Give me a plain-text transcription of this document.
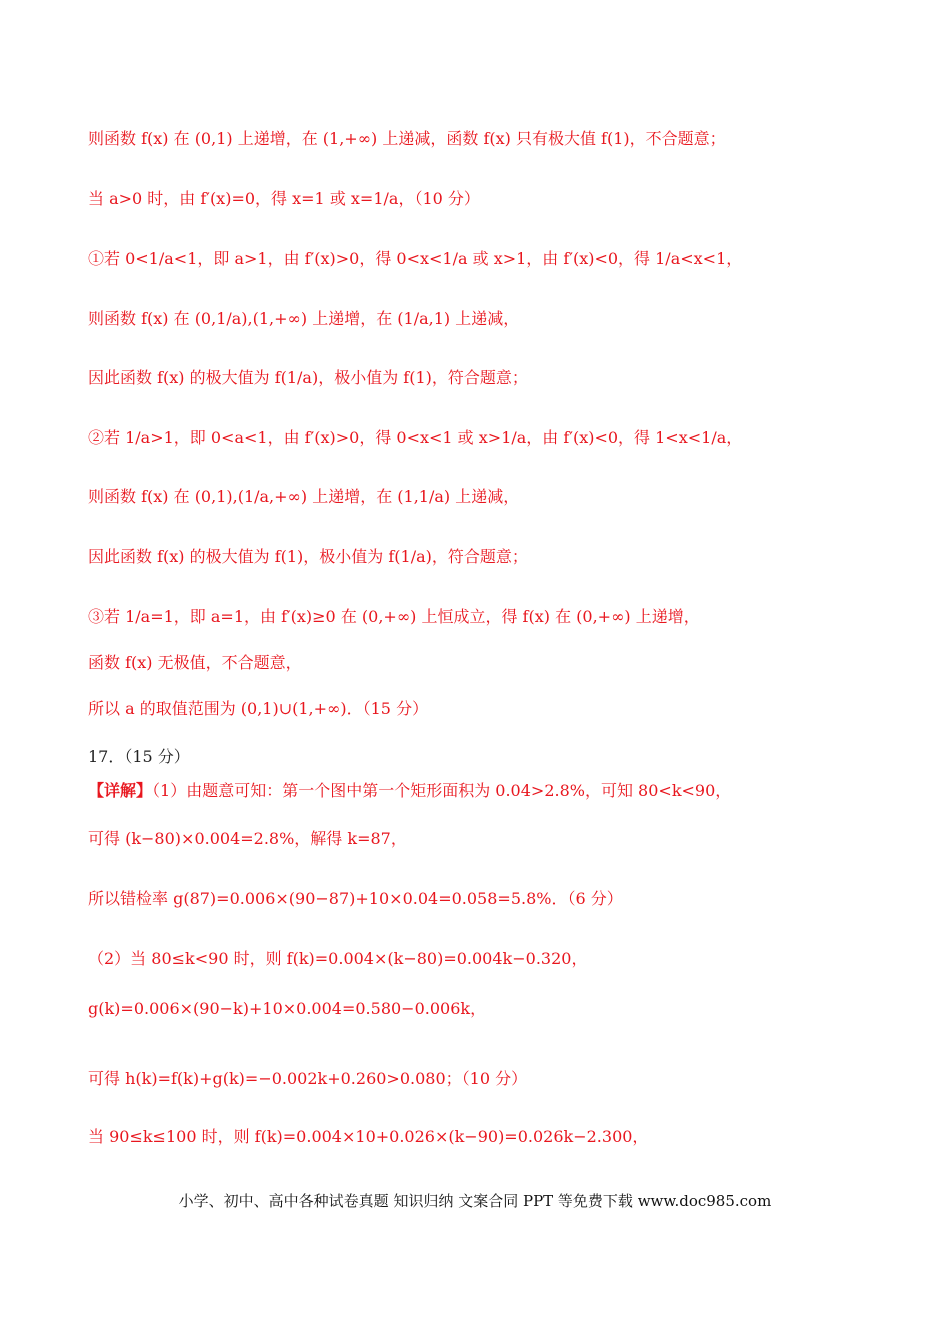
则函数 f(x) 在 (0,1) 上递增，在 (1,+∞) 上递减，函数 f(x) 只有极大值 f(1)，不合题意；
当 a>0 时，由 f′(x)=0，得 x=1 或 x=1/a，（10 分）
①若 0<1/a<1，即 a>1，由 f′(x)>0，得 0<x<1/a 或 x>1，由 f′(x)<0，得 1/a<x<1，
则函数 f(x) 在 (0,1/a),(1,+∞) 上递增，在 (1/a,1) 上递减，
因此函数 f(x) 的极大值为 f(1/a)，极小值为 f(1)，符合题意；
②若 1/a>1，即 0<a<1，由 f′(x)>0，得 0<x<1 或 x>1/a，由 f′(x)<0，得 1<x<1/a，
则函数 f(x) 在 (0,1),(1/a,+∞) 上递增，在 (1,1/a) 上递减，
因此函数 f(x) 的极大值为 f(1)，极小值为 f(1/a)，符合题意；
③若 1/a=1，即 a=1，由 f′(x)≥0 在 (0,+∞) 上恒成立，得 f(x) 在 (0,+∞) 上递增，
函数 f(x) 无极值，不合题意，
所以 a 的取值范围为 (0,1)∪(1,+∞)．（15 分）
17．（15 分）
【详解】（1）由题意可知：第一个图中第一个矩形面积为 0.04>2.8%，可知 80<k<90，
可得 (k−80)×0.004=2.8%，解得 k=87，
所以错检率 g(87)=0.006×(90−87)+10×0.04=0.058=5.8%．（6 分）
（2）当 80≤k<90 时，则 f(k)=0.004×(k−80)=0.004k−0.320，
g(k)=0.006×(90−k)+10×0.004=0.580−0.006k，
可得 h(k)=f(k)+g(k)=−0.002k+0.260>0.080；（10 分）
当 90≤k≤100 时，则 f(k)=0.004×10+0.026×(k−90)=0.026k−2.300，
小学、初中、高中各种试卷真题 知识归纳 文案合同 PPT 等免费下载 www.doc985.com
